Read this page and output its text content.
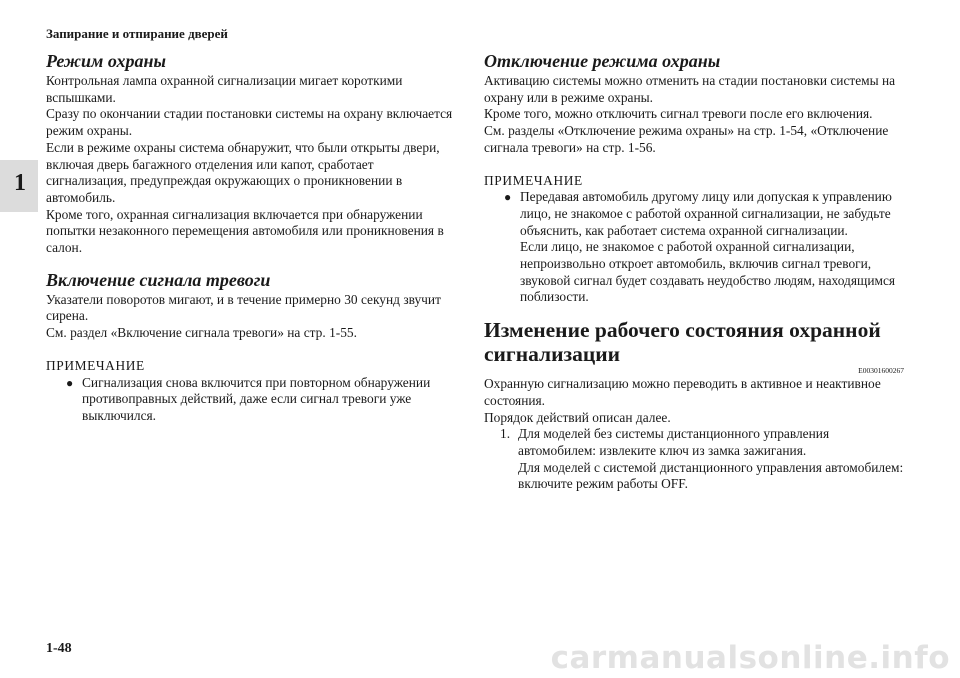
Запирание и отпирание дверей
1
Режим охраны

Контрольная лампа охранной сигнализации мигает короткими вспышками.

Сразу по окончании стадии постановки системы на охрану включается режим охраны.

Если в режиме охраны система обнаружит, что были открыты двери, включая дверь багажного отделения или капот, сработает сигнализация, предупреждая окружающих о проникновении в автомобиль.

Кроме того, охранная сигнализация включается при обнаружении попытки незаконного перемещения автомобиля или проникновения в салон.

Включение сигнала тревоги

Указатели поворотов мигают, и в течение примерно 30 секунд звучит сирена.

См. раздел «Включение сигнала тревоги» на стр. 1-55.

ПРИМЕЧАНИЕ

● Сигнализация снова включится при повторном обнаружении противоправных действий, даже если сигнал тревоги уже выключился.

Отключение режима охраны

Активацию системы можно отменить на стадии постановки системы на охрану или в режиме охраны.

Кроме того, можно отключить сигнал тревоги после его включения.

См. разделы «Отключение режима охраны» на стр. 1-54, «Отключение сигнала тревоги» на стр. 1-56.

ПРИМЕЧАНИЕ

● Передавая автомобиль другому лицу или допуская к управлению лицо, не знакомое с работой охранной сигнализации, не забудьте объяснить, как работает система охранной сигнализации.

Если лицо, не знакомое с работой охранной сигнализации, непроизвольно откроет автомобиль, включив сигнал тревоги, звуковой сигнал будет создавать неудобство людям, находящимся поблизости.

Изменение рабочего состояния охранной сигнализации

E00301600267

Охранную сигнализацию можно переводить в активное и неактивное состояния.

Порядок действий описан далее.

1. Для моделей без системы дистанционного управления автомобилем: извлеките ключ из замка зажигания.

Для моделей с системой дистанционного управления автомобилем: включите режим работы OFF.

1-48	carmanualsonline.info
